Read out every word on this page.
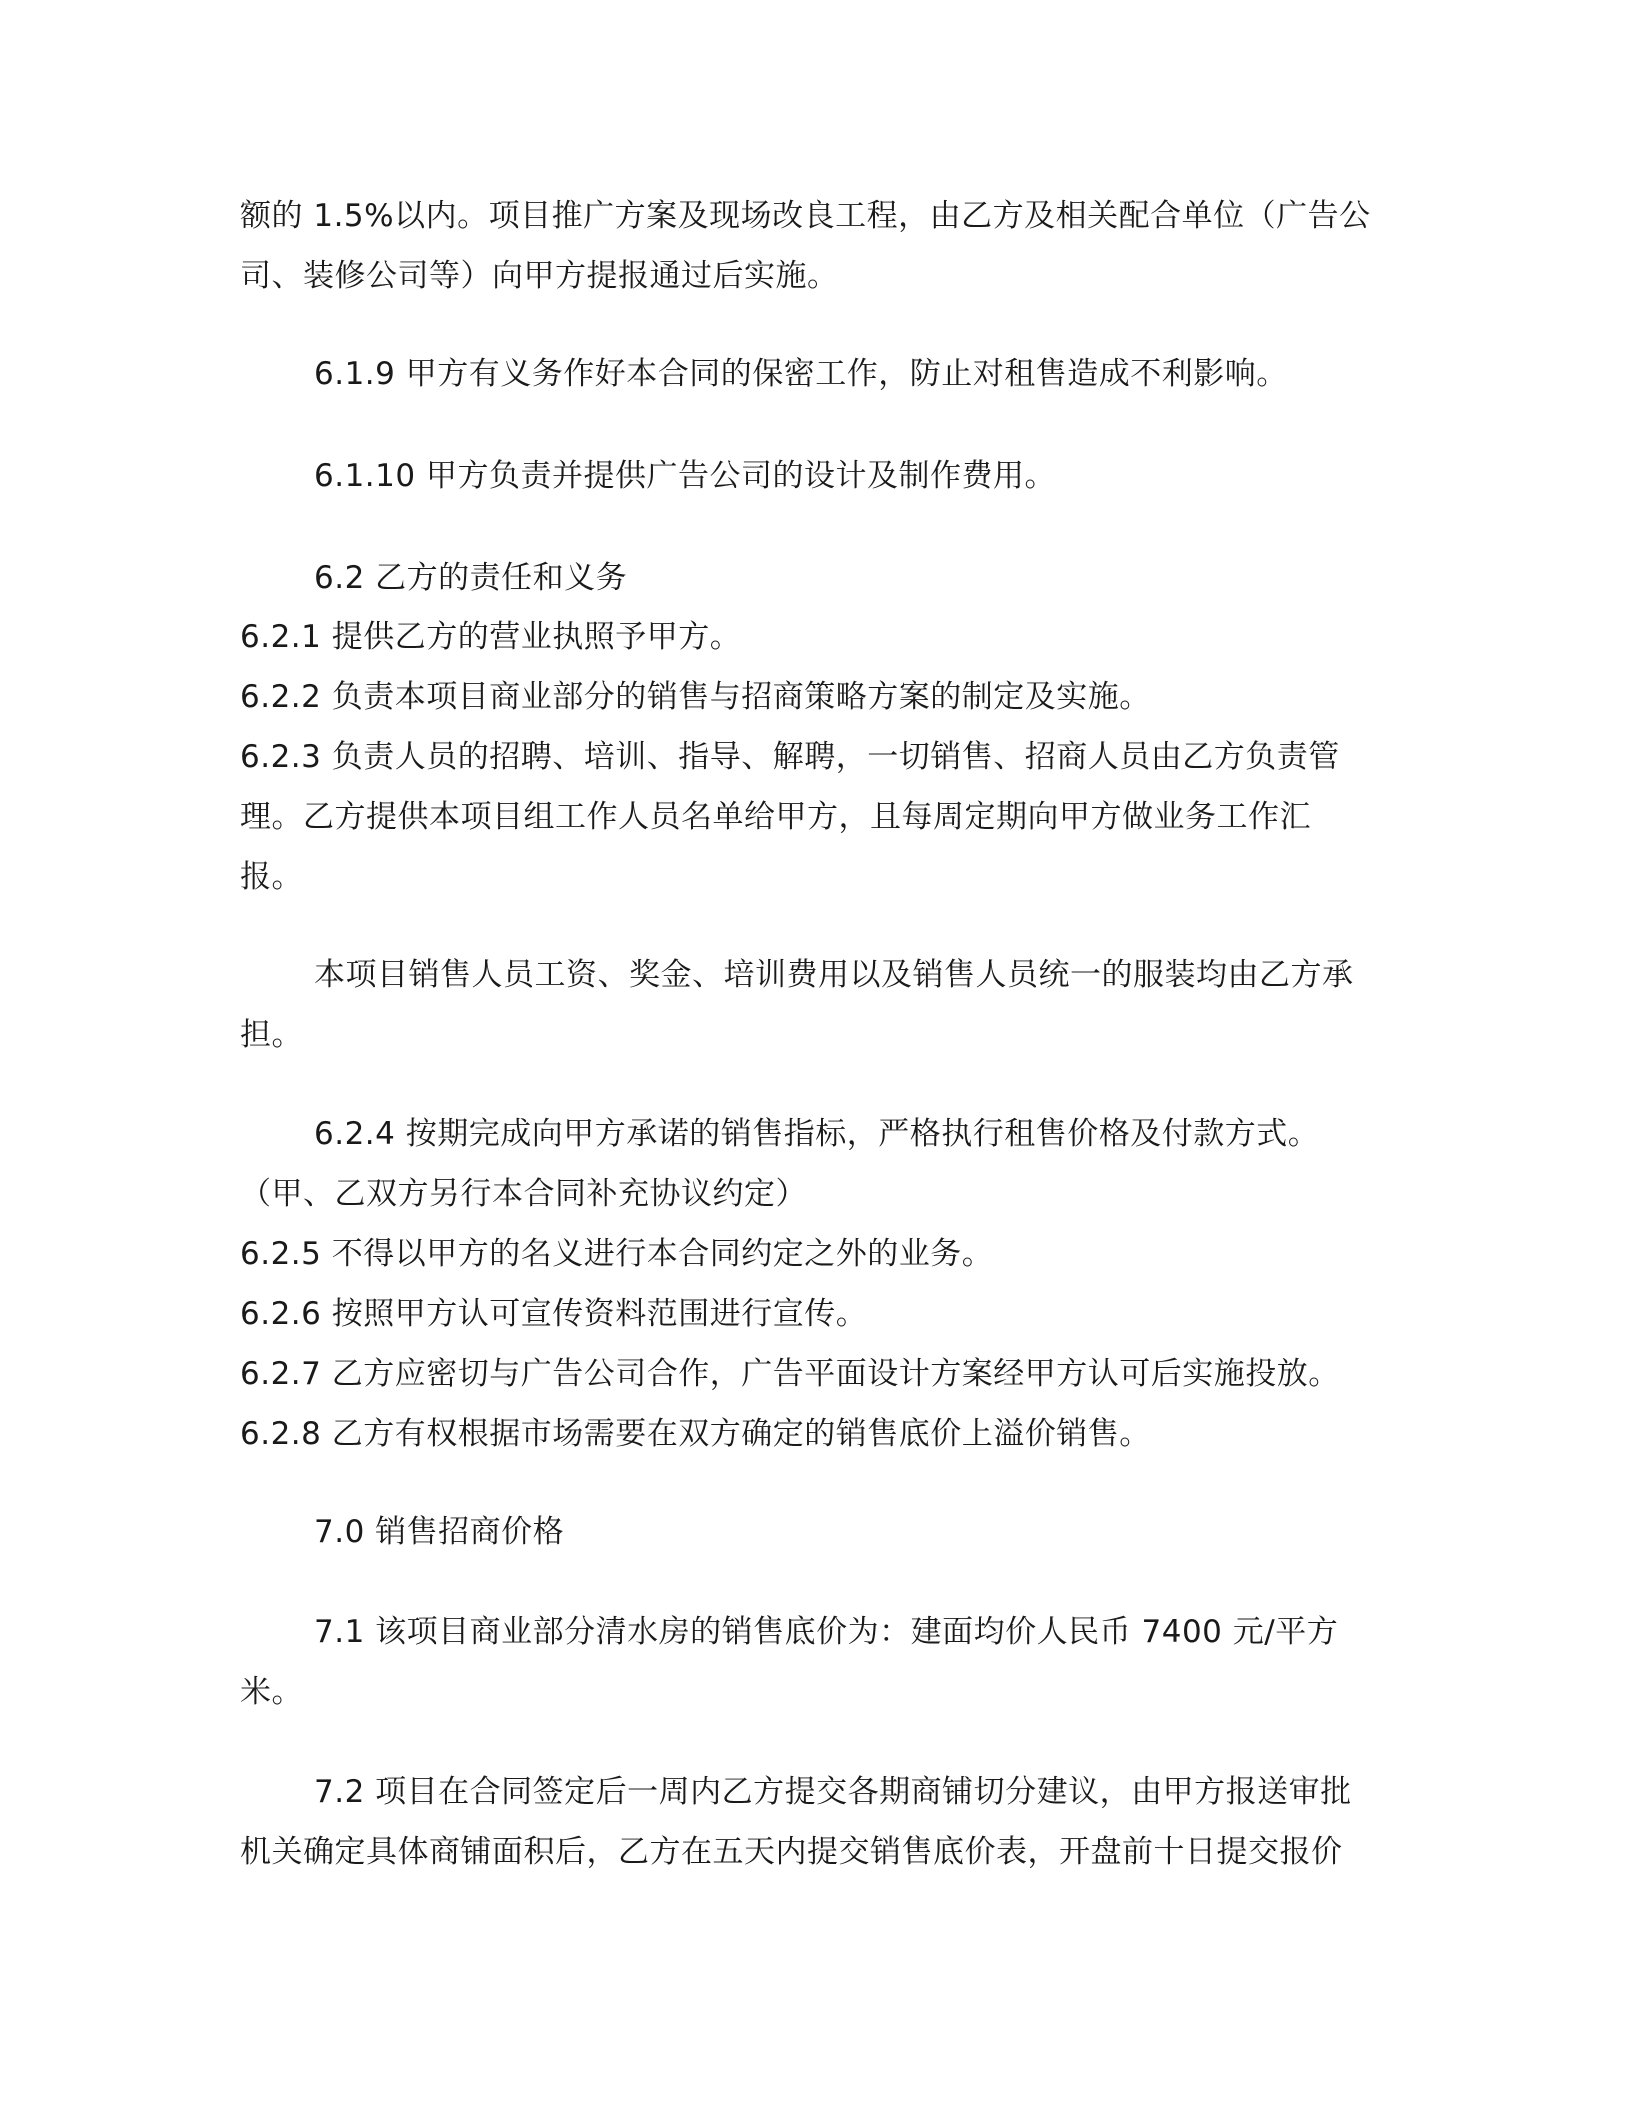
额的 1.5%以内。项目推广方案及现场改良工程，由乙方及相关配合单位（广告公
司、装修公司等）向甲方提报通过后实施。
6.1.9 甲方有义务作好本合同的保密工作，防止对租售造成不利影响。
6.1.10 甲方负责并提供广告公司的设计及制作费用。
6.2 乙方的责任和义务
6.2.1 提供乙方的营业执照予甲方。
6.2.2 负责本项目商业部分的销售与招商策略方案的制定及实施。
6.2.3 负责人员的招聘、培训、指导、解聘，一切销售、招商人员由乙方负责管
理。乙方提供本项目组工作人员名单给甲方，且每周定期向甲方做业务工作汇
报。
本项目销售人员工资、奖金、培训费用以及销售人员统一的服装均由乙方承
担。
6.2.4 按期完成向甲方承诺的销售指标，严格执行租售价格及付款方式。
（甲、乙双方另行本合同补充协议约定）
6.2.5 不得以甲方的名义进行本合同约定之外的业务。
6.2.6 按照甲方认可宣传资料范围进行宣传。
6.2.7 乙方应密切与广告公司合作，广告平面设计方案经甲方认可后实施投放。
6.2.8 乙方有权根据市场需要在双方确定的销售底价上溢价销售。
7.0 销售招商价格
7.1 该项目商业部分清水房的销售底价为：建面均价人民币 7400 元/平方
米。
7.2 项目在合同签定后一周内乙方提交各期商铺切分建议，由甲方报送审批
机关确定具体商铺面积后，乙方在五天内提交销售底价表，开盘前十日提交报价
